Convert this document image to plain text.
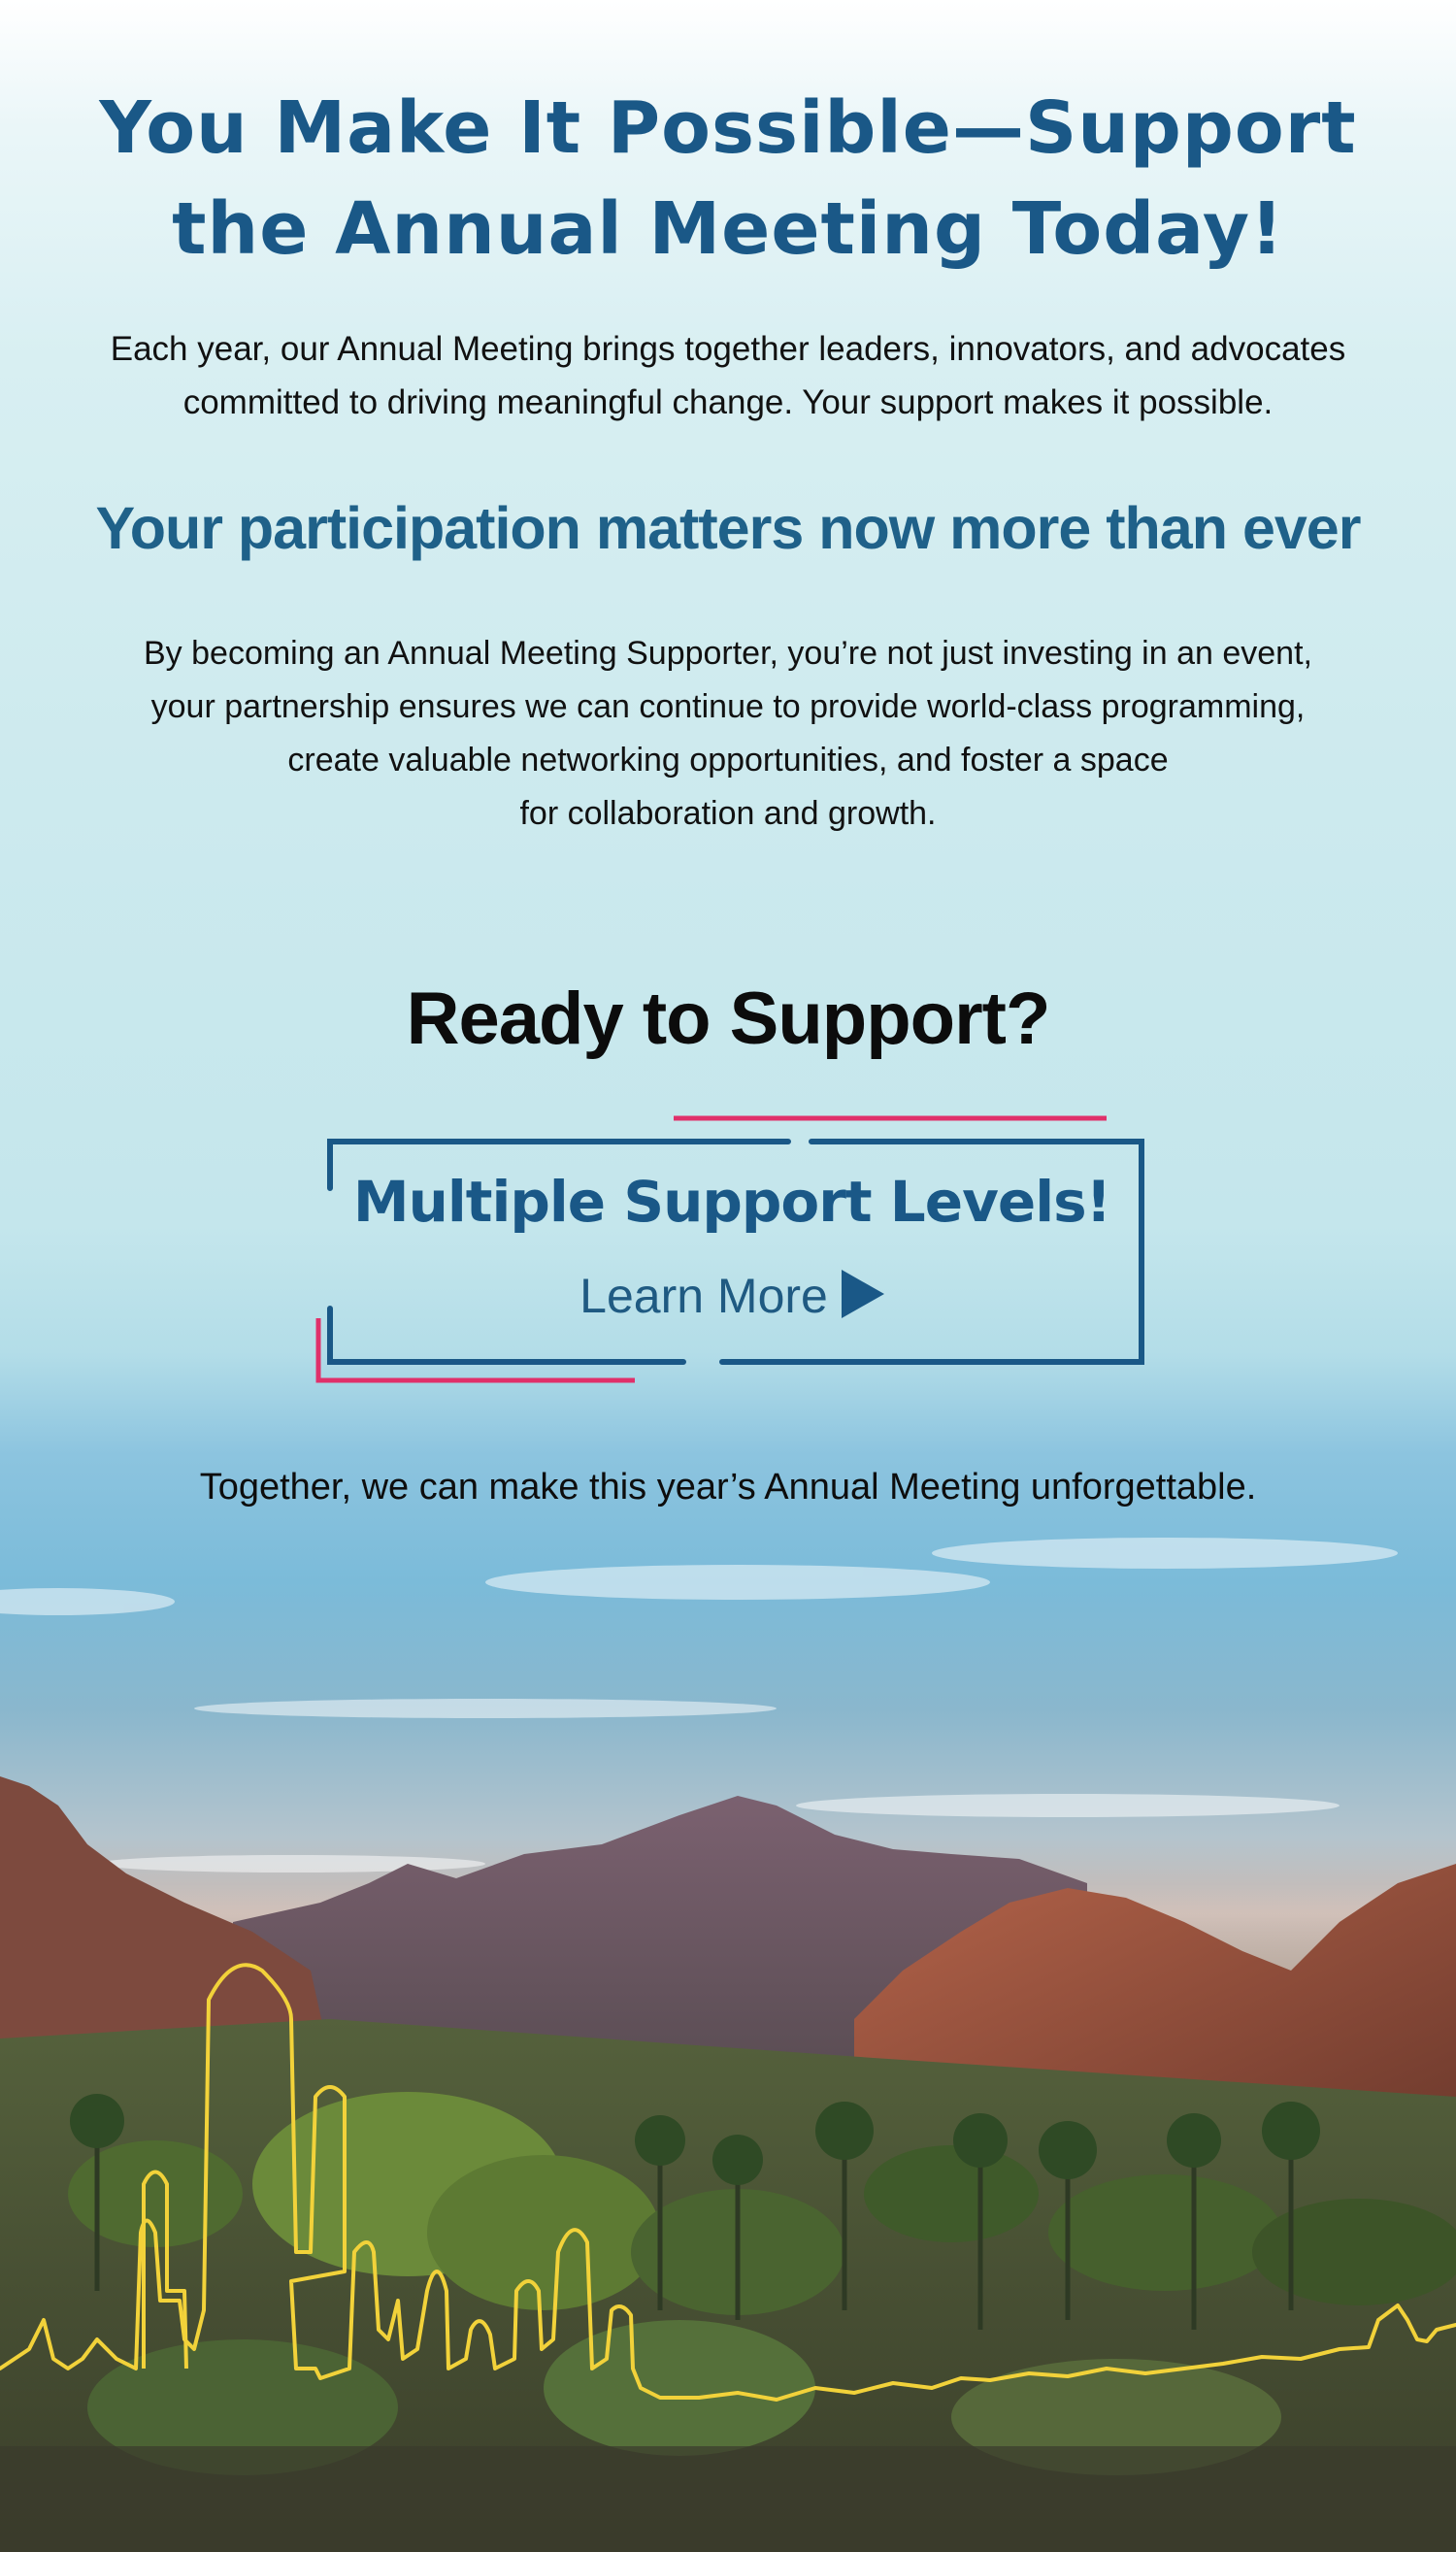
You Make It Possible—Support
the Annual Meeting Today!

Each year, our Annual Meeting brings together leaders, innovators, and advocates
committed to driving meaningful change. Your support makes it possible.

Your participation matters now more than ever

By becoming an Annual Meeting Supporter, you’re not just investing in an event,
your partnership ensures we can continue to provide world-class programming,
create valuable networking opportunities, and foster a space
for collaboration and growth.

Ready to Support?
Multiple Support Levels!
Learn More

Together, we can make this year’s Annual Meeting unforgettable.
